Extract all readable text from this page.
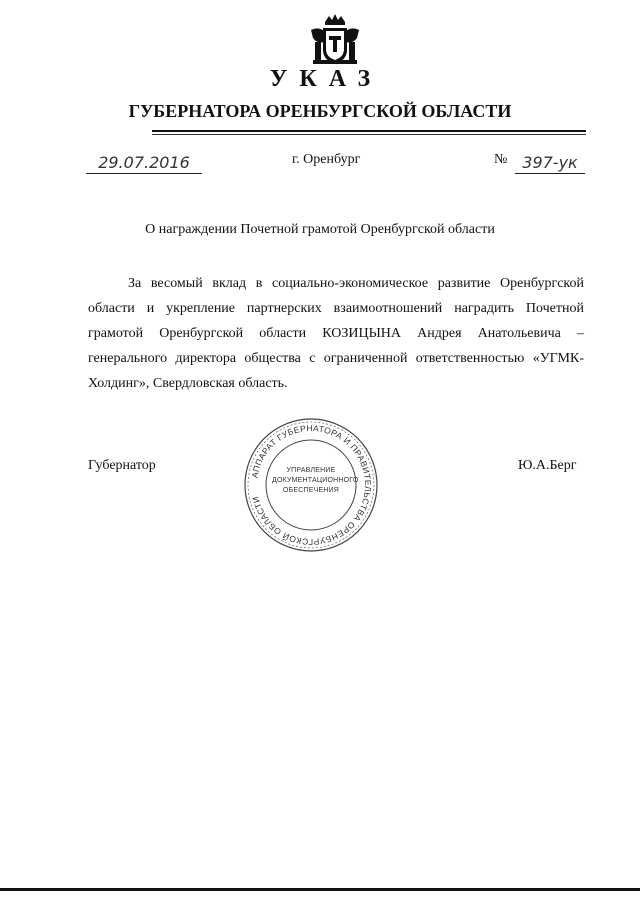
УКАЗ
ГУБЕРНАТОРА ОРЕНБУРГСКОЙ ОБЛАСТИ
29.07.2016	г. Оренбург	№ 397-ук
О награждении Почетной грамотой Оренбургской области

За весомый вклад в социально-экономическое развитие Оренбургской области и укрепление партнерских взаимоотношений наградить Почетной грамотой Оренбургской области КОЗИЦЫНА Андрея Анатольевича – генерального директора общества с ограниченной ответственностью «УГМК-Холдинг», Свердловская область.

Губернатор	Ю.А.Берг
АППАРАТ ГУБЕРНАТОРА И ПРАВИТЕЛЬСТВА ОРЕНБУРГСКОЙ ОБЛАСТИ
УПРАВЛЕНИЕ ДОКУМЕНТАЦИОННОГО ОБЕСПЕЧЕНИЯ
